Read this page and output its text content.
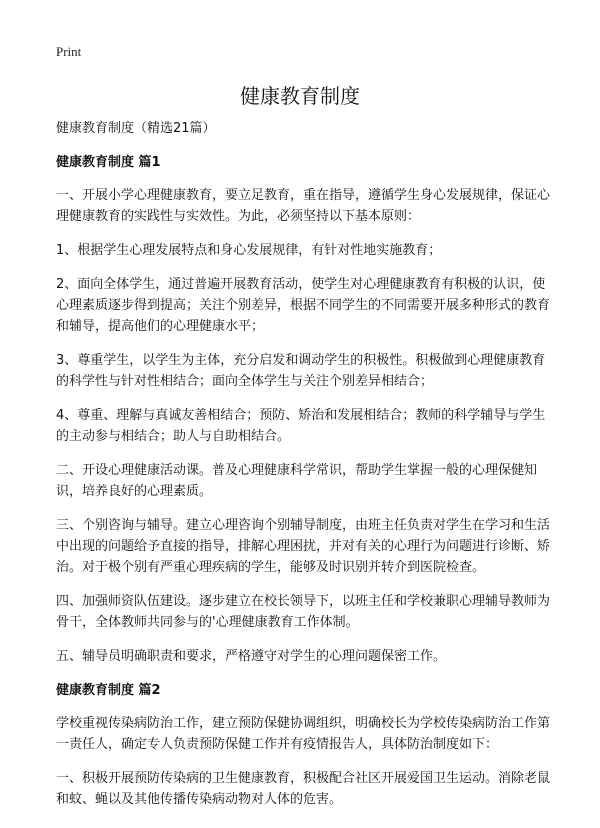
Print
健康教育制度
健康教育制度（精选21篇）
健康教育制度 篇1
一、开展小学心理健康教育，要立足教育，重在指导，遵循学生身心发展规律，保证心理健康教育的实践性与实效性。为此，必须坚持以下基本原则：
1、根据学生心理发展特点和身心发展规律，有针对性地实施教育；
2、面向全体学生，通过普遍开展教育活动，使学生对心理健康教育有积极的认识，使心理素质逐步得到提高；关注个别差异，根据不同学生的不同需要开展多种形式的教育和辅导，提高他们的心理健康水平；
3、尊重学生，以学生为主体，充分启发和调动学生的积极性。积极做到心理健康教育的科学性与针对性相结合；面向全体学生与关注个别差异相结合；
4、尊重、理解与真诚友善相结合；预防、矫治和发展相结合；教师的科学辅导与学生的主动参与相结合；助人与自助相结合。
二、开设心理健康活动课。普及心理健康科学常识，帮助学生掌握一般的心理保健知识，培养良好的心理素质。
三、个别咨询与辅导。建立心理咨询个别辅导制度，由班主任负责对学生在学习和生活中出现的问题给予直接的指导，排解心理困扰，并对有关的心理行为问题进行诊断、矫治。对于极个别有严重心理疾病的学生，能够及时识别并转介到医院检查。
四、加强师资队伍建设。逐步建立在校长领导下，以班主任和学校兼职心理辅导教师为骨干，全体教师共同参与的'心理健康教育工作体制。
五、辅导员明确职责和要求，严格遵守对学生的心理问题保密工作。
健康教育制度 篇2
学校重视传染病防治工作，建立预防保健协调组织，明确校长为学校传染病防治工作第一责任人，确定专人负责预防保健工作并有疫情报告人，具体防治制度如下：
一、积极开展预防传染病的卫生健康教育，积极配合社区开展爱国卫生运动。消除老鼠和蚊、蝇以及其他传播传染病动物对人体的危害。
